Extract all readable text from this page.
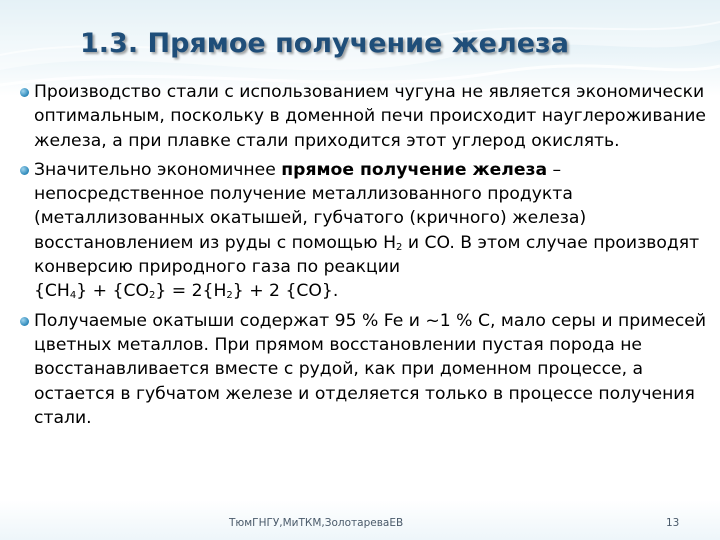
1.3. Прямое получение железа
Производство стали с использованием чугуна не является экономически оптимальным, поскольку в доменной печи происходит науглероживание железа, а при плавке стали приходится этот углерод окислять.
Значительно экономичнее прямое получение железа – непосредственное получение металлизованного продукта (металлизованных окатышей, губчатого (кричного) железа) восстановлением из руды с помощью $H_2$ и CO. В этом случае производят конверсию природного газа по реакции
$\{CH_4\} + \{CO_2\} = 2\{H_2\} + 2$ {CO}.
Получаемые окатыши содержат 95 % Fe и ~1 % С, мало серы и примесей цветных металлов. При прямом восстановлении пустая порода не восстанавливается вместе с рудой, как при доменном процессе, а остается в губчатом железе и отделяется только в процессе получения стали.
ТюмГНГУ,МиТКМ,ЗолотареваЕВ	13
